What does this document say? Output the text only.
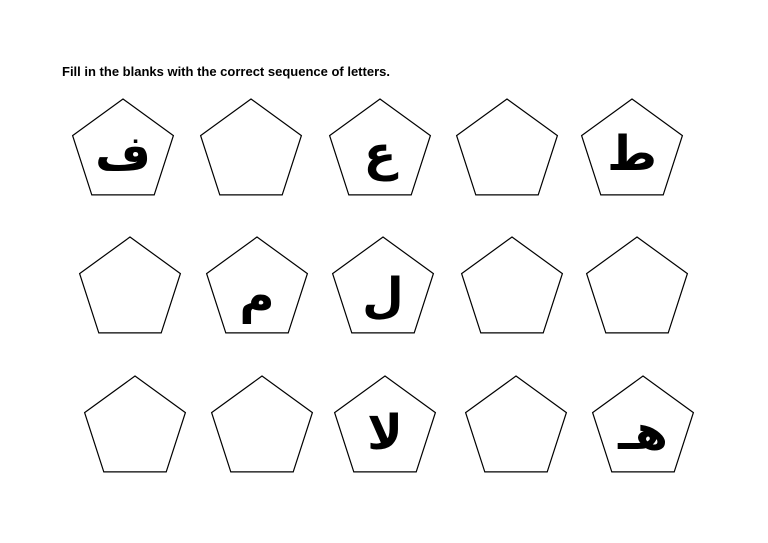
Fill in the blanks with the correct sequence of letters.
ف	ع	ط
م ل
لا	هـ
